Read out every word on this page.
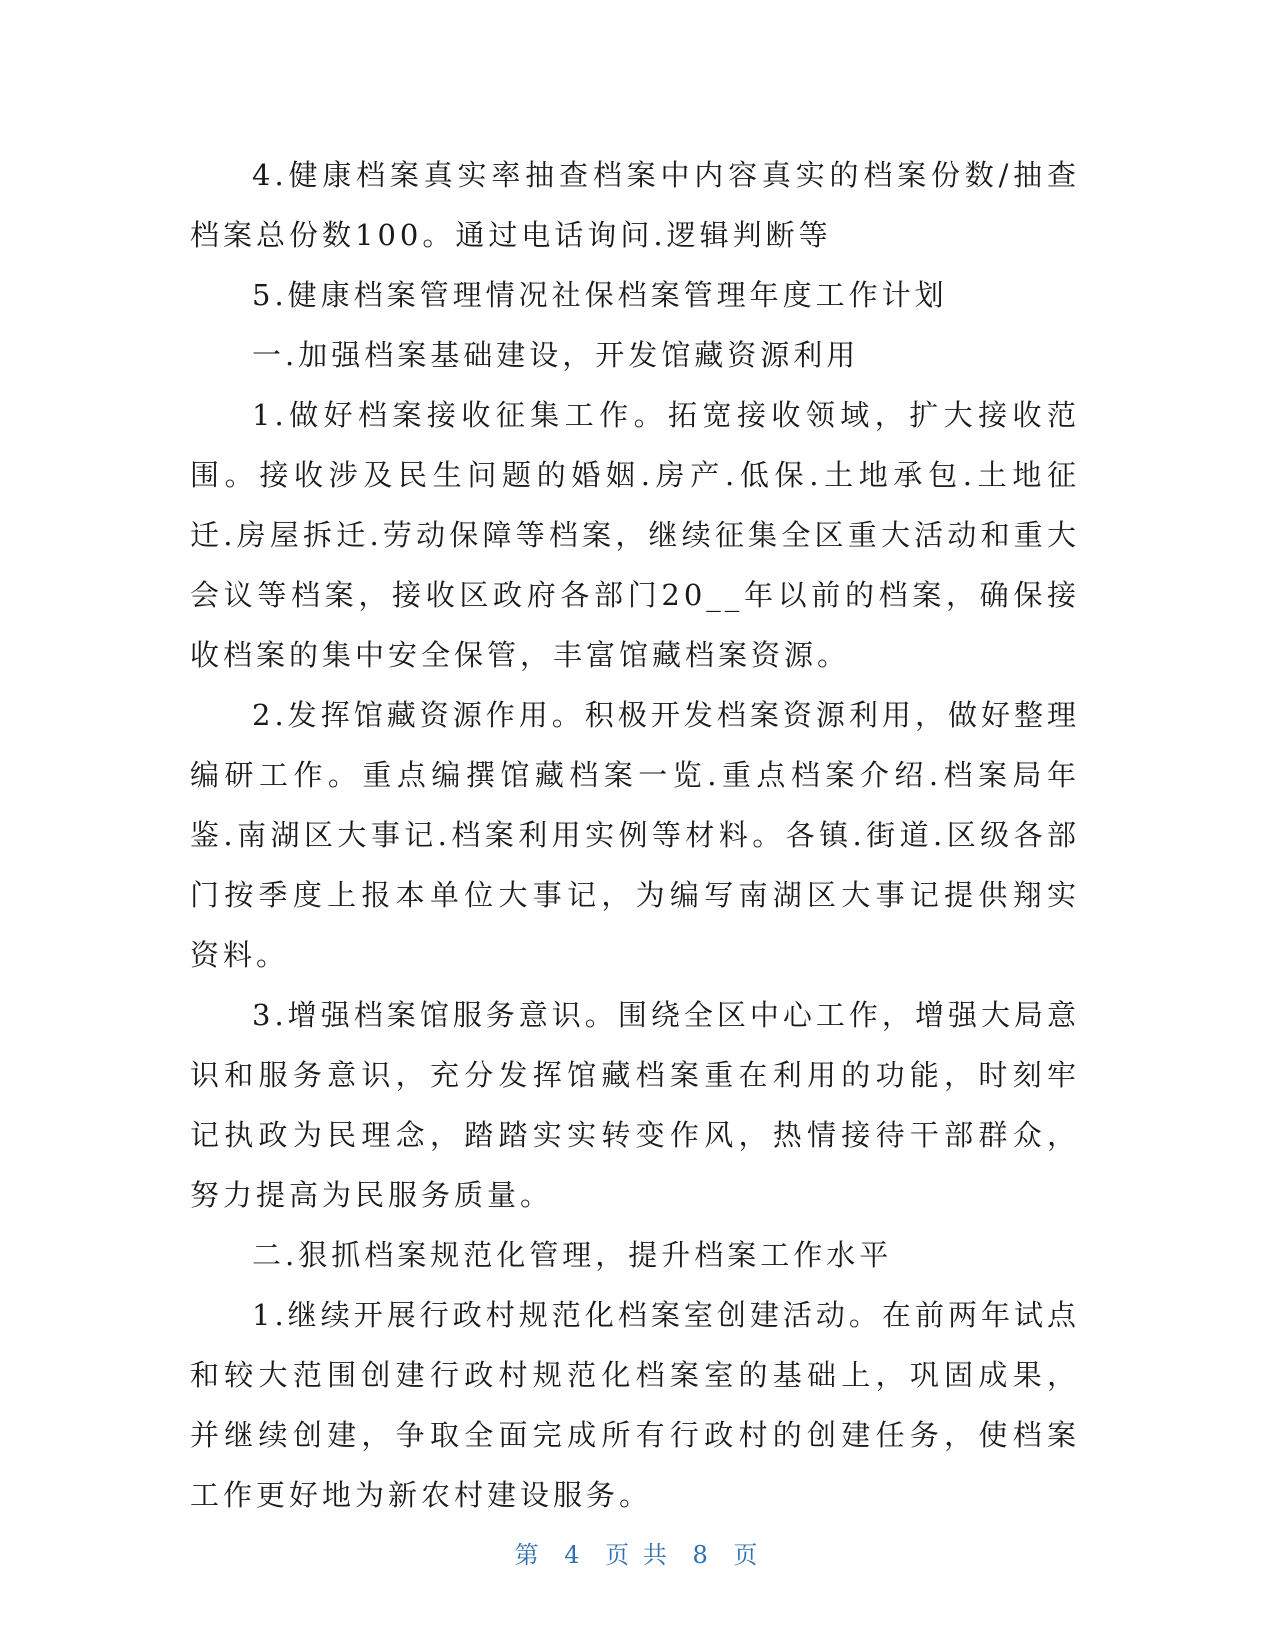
4.健康档案真实率抽查档案中内容真实的档案份数/抽查档案总份数100。通过电话询问.逻辑判断等

5.健康档案管理情况社保档案管理年度工作计划

一.加强档案基础建设，开发馆藏资源利用

1.做好档案接收征集工作。拓宽接收领域，扩大接收范围。接收涉及民生问题的婚姻.房产.低保.土地承包.土地征迁.房屋拆迁.劳动保障等档案，继续征集全区重大活动和重大会议等档案，接收区政府各部门20__年以前的档案，确保接收档案的集中安全保管，丰富馆藏档案资源。

2.发挥馆藏资源作用。积极开发档案资源利用，做好整理编研工作。重点编撰馆藏档案一览.重点档案介绍.档案局年鉴.南湖区大事记.档案利用实例等材料。各镇.街道.区级各部门按季度上报本单位大事记，为编写南湖区大事记提供翔实资料。

3.增强档案馆服务意识。围绕全区中心工作，增强大局意识和服务意识，充分发挥馆藏档案重在利用的功能，时刻牢记执政为民理念，踏踏实实转变作风，热情接待干部群众，努力提高为民服务质量。

二.狠抓档案规范化管理，提升档案工作水平

1.继续开展行政村规范化档案室创建活动。在前两年试点和较大范围创建行政村规范化档案室的基础上，巩固成果，并继续创建，争取全面完成所有行政村的创建任务，使档案工作更好地为新农村建设服务。

第 4 页 共 8 页
